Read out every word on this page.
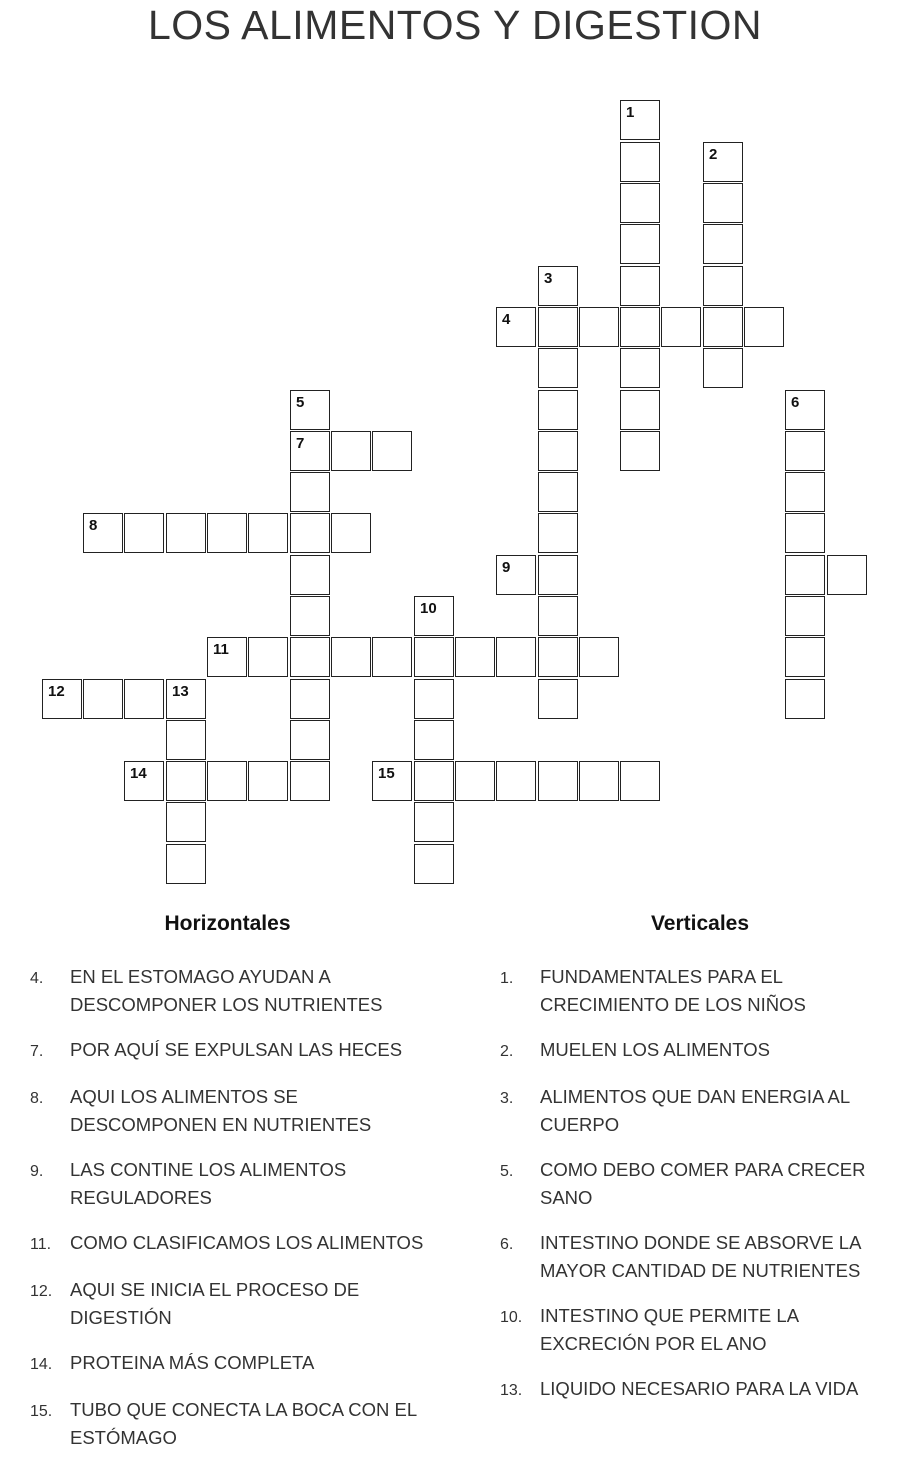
LOS ALIMENTOS Y DIGESTION
1
2
3
4
5
7
6
8
9
11
10
12	13
14	15
Horizontales	Verticales
4.	EN EL ESTOMAGO AYUDAN A DESCOMPONER LOS NUTRIENTES
7.	POR AQUÍ SE EXPULSAN LAS HECES
8.	AQUI LOS ALIMENTOS SE DESCOMPONEN EN NUTRIENTES
9.	LAS CONTINE LOS ALIMENTOS REGULADORES
11.	COMO CLASIFICAMOS LOS ALIMENTOS
12. AQUI SE INICIA EL PROCESO DE DIGESTIÓN
14. PROTEINA MÁS COMPLETA
15. TUBO QUE CONECTA LA BOCA CON EL ESTÓMAGO
1.	FUNDAMENTALES PARA EL CRECIMIENTO DE LOS NIÑOS
2.	MUELEN LOS ALIMENTOS
3.	ALIMENTOS QUE DAN ENERGIA AL CUERPO
5.	COMO DEBO COMER PARA CRECER SANO
6.	INTESTINO DONDE SE ABSORVE LA MAYOR CANTIDAD DE NUTRIENTES
10. INTESTINO QUE PERMITE LA EXCRECIÓN POR EL ANO
13. LIQUIDO NECESARIO PARA LA VIDA
